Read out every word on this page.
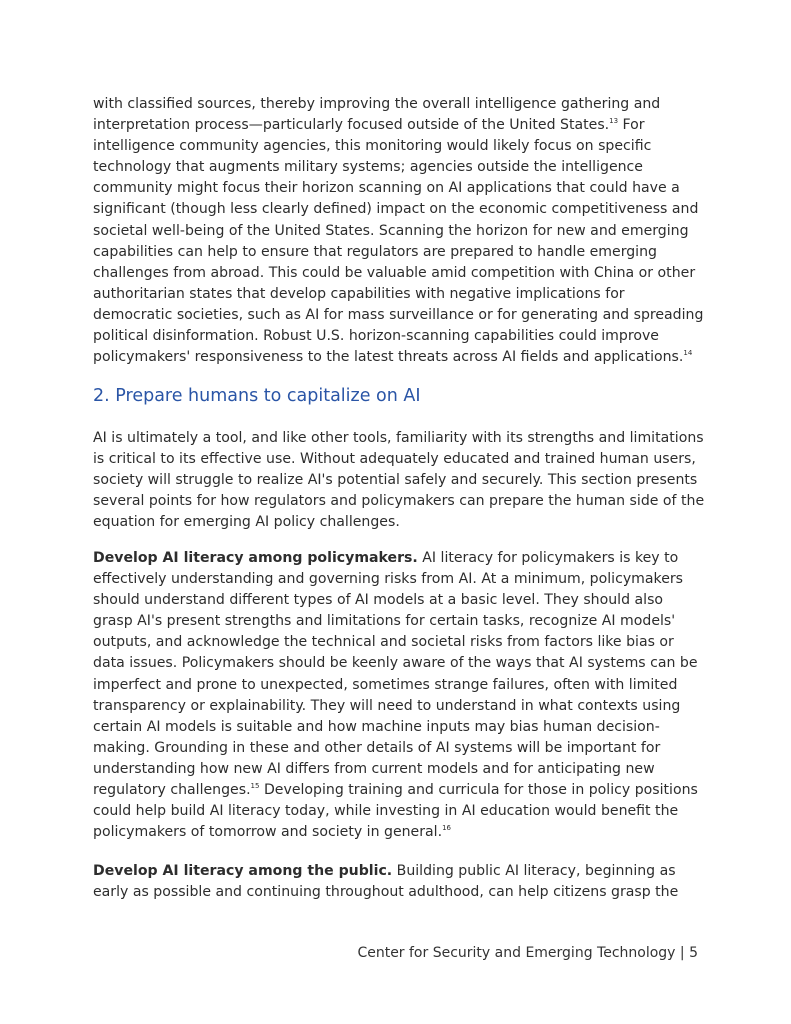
with classified sources, thereby improving the overall intelligence gathering and interpretation process—particularly focused outside of the United States.$^{13}$ For intelligence community agencies, this monitoring would likely focus on specific technology that augments military systems; agencies outside the intelligence community might focus their horizon scanning on AI applications that could have a significant (though less clearly defined) impact on the economic competitiveness and societal well-being of the United States. Scanning the horizon for new and emerging capabilities can help to ensure that regulators are prepared to handle emerging challenges from abroad. This could be valuable amid competition with China or other authoritarian states that develop capabilities with negative implications for democratic societies, such as AI for mass surveillance or for generating and spreading political disinformation. Robust U.S. horizon-scanning capabilities could improve policymakers' responsiveness to the latest threats across AI fields and applications.$^{14}$

2. Prepare humans to capitalize on AI

AI is ultimately a tool, and like other tools, familiarity with its strengths and limitations is critical to its effective use. Without adequately educated and trained human users, society will struggle to realize AI's potential safely and securely. This section presents several points for how regulators and policymakers can prepare the human side of the equation for emerging AI policy challenges.

Develop AI literacy among policymakers. AI literacy for policymakers is key to effectively understanding and governing risks from AI. At a minimum, policymakers should understand different types of AI models at a basic level. They should also grasp AI's present strengths and limitations for certain tasks, recognize AI models' outputs, and acknowledge the technical and societal risks from factors like bias or data issues. Policymakers should be keenly aware of the ways that AI systems can be imperfect and prone to unexpected, sometimes strange failures, often with limited transparency or explainability. They will need to understand in what contexts using certain AI models is suitable and how machine inputs may bias human decision-making. Grounding in these and other details of AI systems will be important for understanding how new AI differs from current models and for anticipating new regulatory challenges.$^{15}$ Developing training and curricula for those in policy positions could help build AI literacy today, while investing in AI education would benefit the policymakers of tomorrow and society in general.$^{16}$

Develop AI literacy among the public. Building public AI literacy, beginning as early as possible and continuing throughout adulthood, can help citizens grasp the

Center for Security and Emerging Technology | 5
